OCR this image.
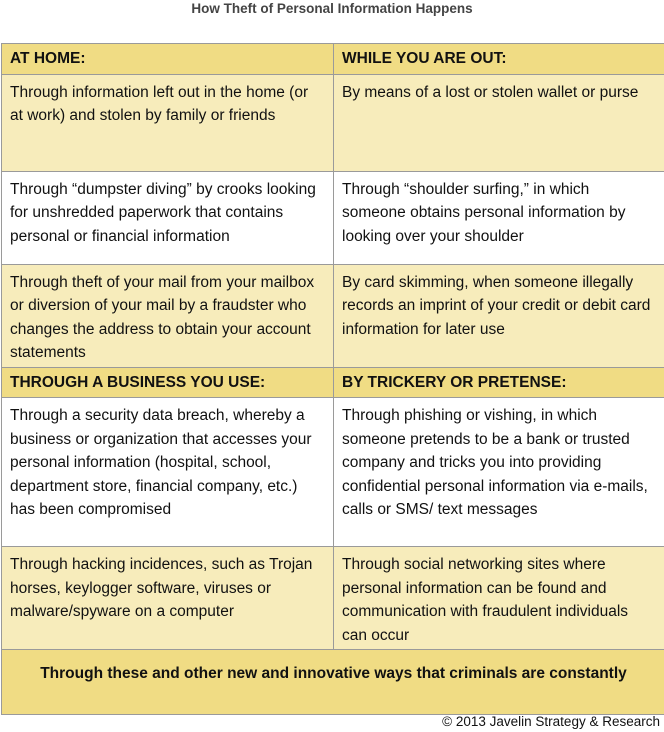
How Theft of Personal Information Happens
AT HOME:	WHILE YOU ARE OUT:
Through information left out in the home (or at work) and stolen by family or friends	By means of a lost or stolen wallet or purse
Through “dumpster diving” by crooks looking for unshredded paperwork that contains personal or financial information	Through “shoulder surfing,” in which someone obtains personal information by looking over your shoulder
Through theft of your mail from your mailbox or diversion of your mail by a fraudster who changes the address to obtain your account statements	By card skimming, when someone illegally records an imprint of your credit or debit card information for later use
THROUGH A BUSINESS YOU USE:	BY TRICKERY OR PRETENSE:
Through a security data breach, whereby a business or organization that accesses your personal information (hospital, school, department store, financial company, etc.) has been compromised	Through phishing or vishing, in which someone pretends to be a bank or trusted company and tricks you into providing confidential personal information via e-mails, calls or SMS/ text messages
Through hacking incidences, such as Trojan horses, keylogger software, viruses or malware/spyware on a computer	Through social networking sites where personal information can be found and communication with fraudulent individuals can occur
Through these and other new and innovative ways that criminals are constantly	
© 2013 Javelin Strategy & Research
